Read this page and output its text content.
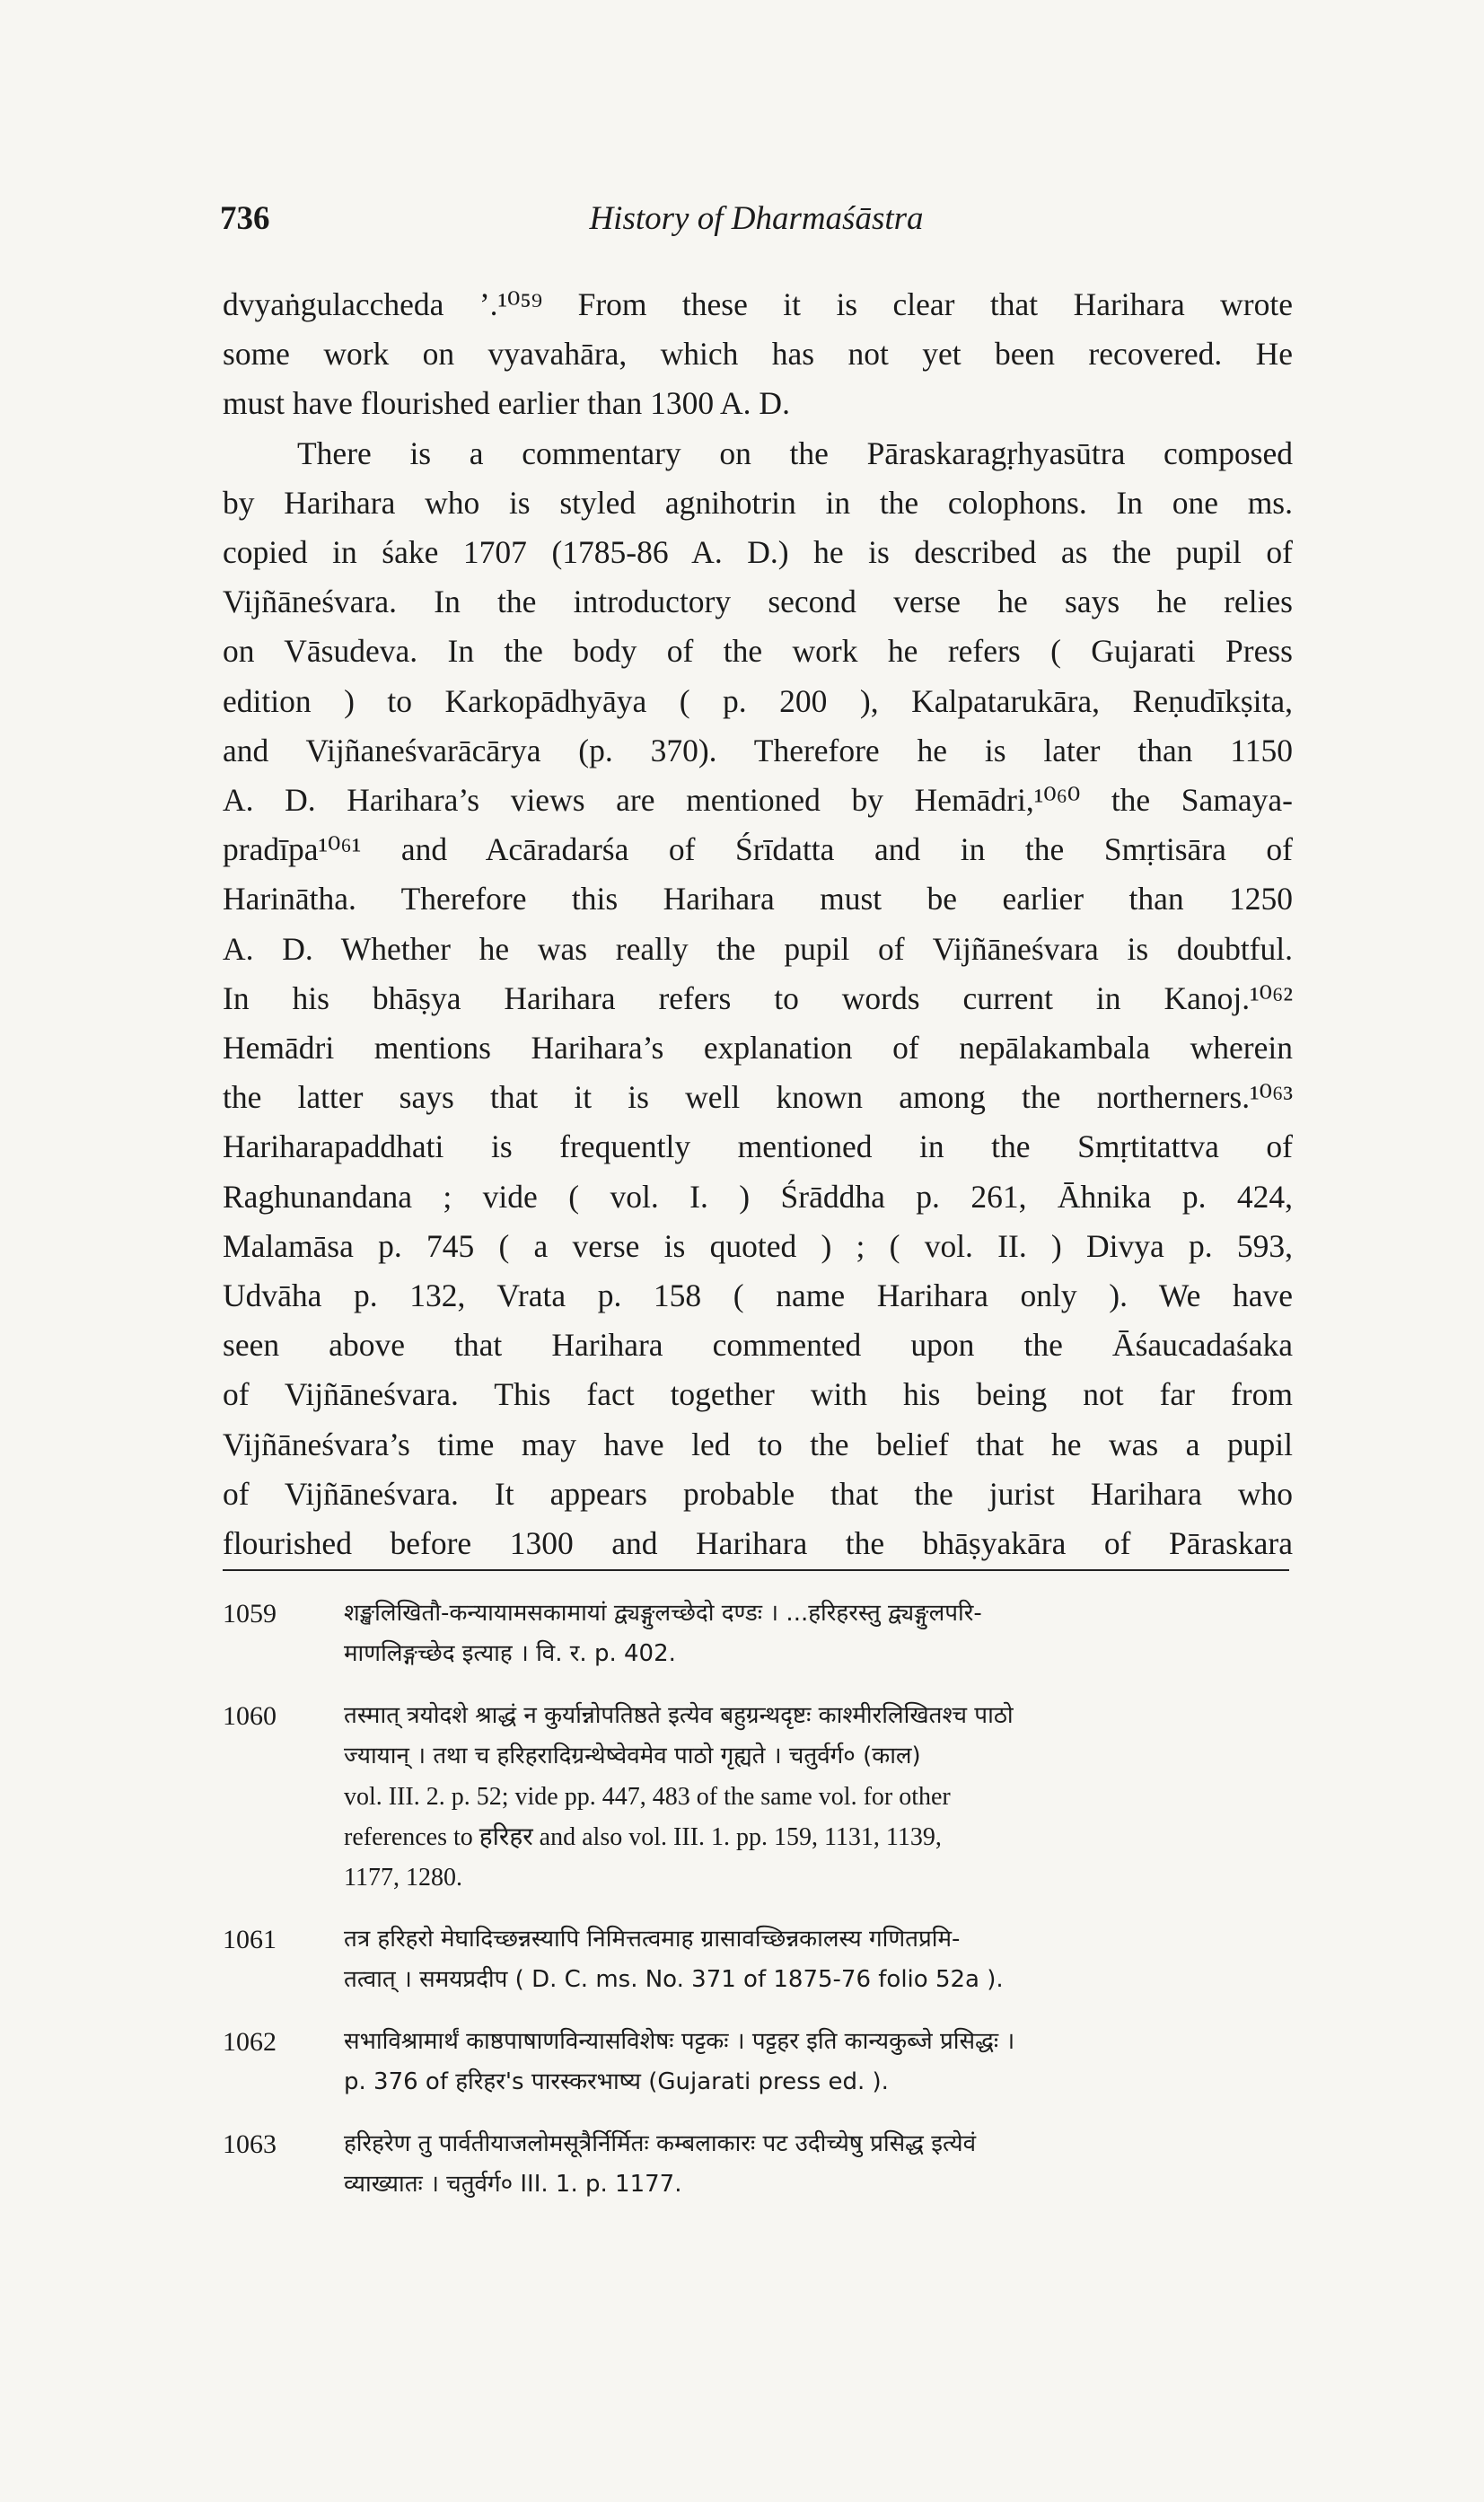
736	History of Dharmaśāstra

dvyaṅgulaccheda ’.¹⁰⁵⁹ From these it is clear that Harihara wrote
some work on vyavahāra, which has not yet been recovered. He
must have flourished earlier than 1300 A. D.

There is a commentary on the Pāraskaragṛhyasūtra composed
by Harihara who is styled agnihotrin in the colophons. In one ms.
copied in śake 1707 (1785-86 A. D.) he is described as the pupil of
Vijñāneśvara. In the introductory second verse he says he relies
on Vāsudeva. In the body of the work he refers ( Gujarati Press
edition ) to Karkopādhyāya ( p. 200 ), Kalpatarukāra, Reṇudīkṣita,
and Vijñaneśvarācārya (p. 370). Therefore he is later than 1150
A. D. Harihara’s views are mentioned by Hemādri,¹⁰⁶⁰ the Samaya-
pradīpa¹⁰⁶¹ and Acāradarśa of Śrīdatta and in the Smṛtisāra of
Harinātha. Therefore this Harihara must be earlier than 1250
A. D. Whether he was really the pupil of Vijñāneśvara is doubtful.
In his bhāṣya Harihara refers to words current in Kanoj.¹⁰⁶²
Hemādri mentions Harihara’s explanation of nepālakambala wherein
the latter says that it is well known among the northerners.¹⁰⁶³
Hariharapaddhati is frequently mentioned in the Smṛtitattva of
Raghunandana ; vide ( vol. I. ) Śrāddha p. 261, Āhnika p. 424,
Malamāsa p. 745 ( a verse is quoted ) ; ( vol. II. ) Divya p. 593,
Udvāha p. 132, Vrata p. 158 ( name Harihara only ). We have
seen above that Harihara commented upon the Āśaucadaśaka
of Vijñāneśvara. This fact together with his being not far from
Vijñāneśvara’s time may have led to the belief that he was a pupil
of Vijñāneśvara. It appears probable that the jurist Harihara who
flourished before 1300 and Harihara the bhāṣyakāra of Pāraskara

1059	शङ्खलिखितौ-कन्यायामसकामायां द्व्यङ्गुलच्छेदो दण्डः । ...हरिहरस्तु द्व्यङ्गुलपरि-
माणलिङ्गच्छेद इत्याह । वि. र. p. 402.
1060	तस्मात् त्रयोदशे श्राद्धं न कुर्यान्नोपतिष्ठते इत्येव बहुग्रन्थदृष्टः काश्मीरलिखितश्च पाठो
ज्यायान् । तथा च हरिहरादिग्रन्थेष्वेवमेव पाठो गृह्यते । चतुर्वर्ग० (काल)
vol. III. 2. p. 52; vide pp. 447, 483 of the same vol. for other
references to हरिहर and also vol. III. 1. pp. 159, 1131, 1139,
1177, 1280.
1061	तत्र हरिहरो मेघादिच्छन्नस्यापि निमित्तत्वमाह ग्रासावच्छिन्नकालस्य गणितप्रमि-
तत्वात् । समयप्रदीप ( D. C. ms. No. 371 of 1875-76 folio 52a ).
1062	सभाविश्रामार्थं काष्ठपाषाणविन्यासविशेषः पट्टकः । पट्टहर इति कान्यकुब्जे प्रसिद्धः ।
p. 376 of हरिहर's पारस्करभाष्य (Gujarati press ed. ).
1063	हरिहरेण तु पार्वतीयाजलोमसूत्रैर्निर्मितः कम्बलाकारः पट उदीच्येषु प्रसिद्ध इत्येवं
व्याख्यातः । चतुर्वर्ग० III. 1. p. 1177.
